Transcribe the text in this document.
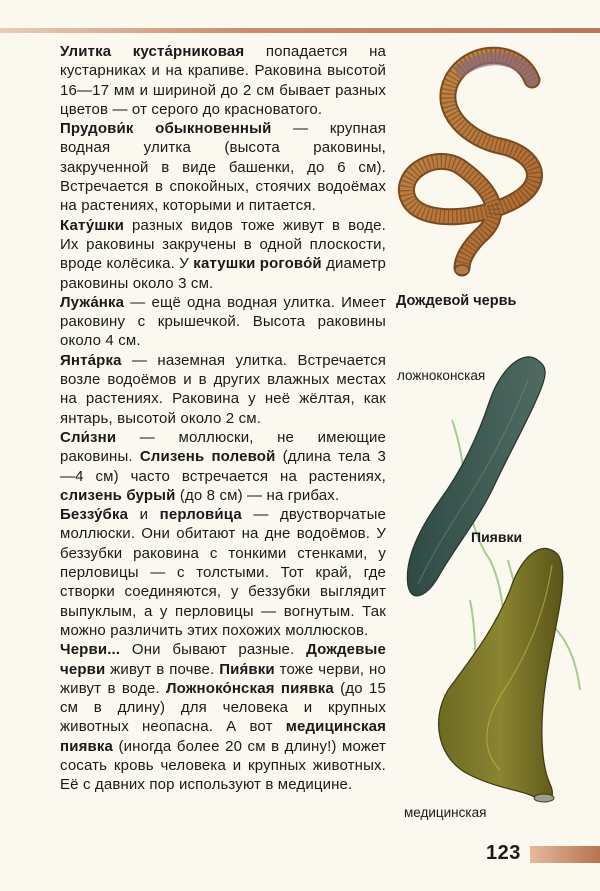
Улитка куста́рниковая попадается на кустарниках и на крапиве. Раковина высотой 16—17 мм и шириной до 2 см бывает разных цветов — от серого до красноватого.

Прудови́к обыкновенный — крупная водная улитка (высота раковины, закрученной в виде башенки, до 6 см). Встречается в спокойных, стоячих водоёмах на растениях, которыми и питается.

Кату́шки разных видов тоже живут в воде. Их раковины закручены в одной плоскости, вроде колёсика. У катушки рогово́й диаметр раковины около 3 см.

Лужа́нка — ещё одна водная улитка. Имеет раковину с крышечкой. Высота раковины около 4 см.

Янта́рка — наземная улитка. Встречается возле водоёмов и в других влажных местах на растениях. Раковина у неё жёлтая, как янтарь, высотой около 2 см.

Сли́зни — моллюски, не имеющие раковины. Слизень полевой (длина тела 3—4 см) часто встречается на растениях, слизень бурый (до 8 см) — на грибах.

Беззу́бка и перлови́ца — двустворчатые моллюски. Они обитают на дне водоёмов. У беззубки раковина с тонкими стенками, у перловицы — с толстыми. Тот край, где створки соединяются, у беззубки выглядит выпуклым, а у перловицы — вогнутым. Так можно различить этих похожих моллюсков.

Черви... Они бывают разные. Дождевые черви живут в почве. Пия́вки тоже черви, но живут в воде. Ложноко́нская пиявка (до 15 см в длину) для человека и крупных животных неопасна. А вот медицинская пиявка (иногда более 20 см в длину!) может сосать кровь человека и крупных животных. Её с давних пор используют в медицине.

Дождевой червь
ложноконская
Пиявки
медицинская
123
